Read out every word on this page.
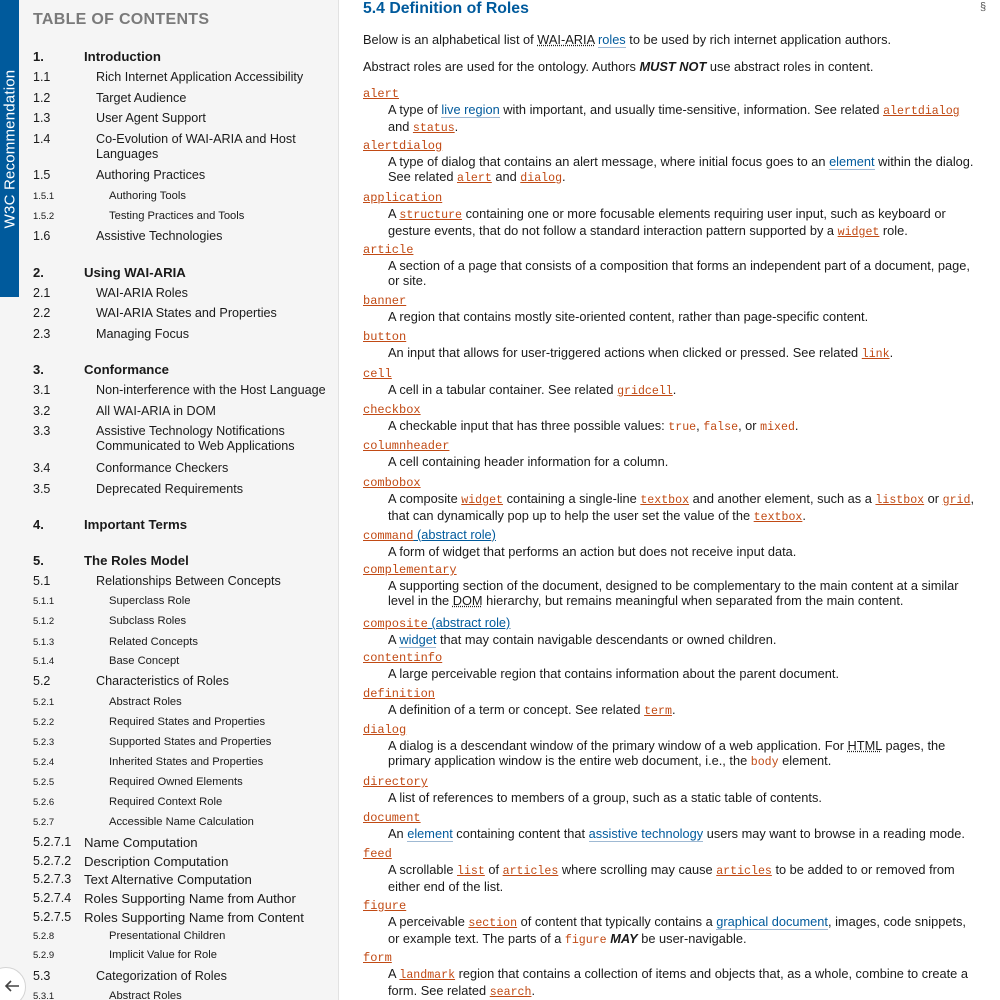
W3C Recommendation
TABLE OF CONTENTS
1.	Introduction
1.1	Rich Internet Application Accessibility
1.2	Target Audience
1.3	User Agent Support
1.4	Co-Evolution of WAI-ARIA and Host Languages
1.5	Authoring Practices
1.5.1	Authoring Tools
1.5.2	Testing Practices and Tools
1.6	Assistive Technologies
2.	Using WAI-ARIA
2.1	WAI-ARIA Roles
2.2	WAI-ARIA States and Properties
2.3	Managing Focus
3.	Conformance
3.1	Non-interference with the Host Language
3.2	All WAI-ARIA in DOM
3.3	Assistive Technology Notifications Communicated to Web Applications
3.4	Conformance Checkers
3.5	Deprecated Requirements
4.	Important Terms
5.	The Roles Model
5.1	Relationships Between Concepts
5.1.1	Superclass Role
5.1.2	Subclass Roles
5.1.3	Related Concepts
5.1.4	Base Concept
5.2	Characteristics of Roles
5.2.1	Abstract Roles
5.2.2	Required States and Properties
5.2.3	Supported States and Properties
5.2.4	Inherited States and Properties
5.2.5	Required Owned Elements
5.2.6	Required Context Role
5.2.7	Accessible Name Calculation
5.2.7.1 Name Computation
5.2.7.2 Description Computation
5.2.7.3 Text Alternative Computation
5.2.7.4 Roles Supporting Name from Author
5.2.7.5 Roles Supporting Name from Content
5.2.8	Presentational Children
5.2.9	Implicit Value for Role
5.3	Categorization of Roles
5.3.1	Abstract Roles
§
5.4 Definition of Roles

Below is an alphabetical list of WAI-ARIA roles to be used by rich internet application authors.

Abstract roles are used for the ontology. Authors MUST NOT use abstract roles in content.

alert
A type of live region with important, and usually time-sensitive, information. See related alertdialog
and status.
alertdialog
A type of dialog that contains an alert message, where initial focus goes to an element within the dialog.
See related alert and dialog.
application
A structure containing one or more focusable elements requiring user input, such as keyboard or
gesture events, that do not follow a standard interaction pattern supported by a widget role.
article
A section of a page that consists of a composition that forms an independent part of a document, page,
or site.
banner
A region that contains mostly site-oriented content, rather than page-specific content.
button
An input that allows for user-triggered actions when clicked or pressed. See related link.
cell
A cell in a tabular container. See related gridcell.
checkbox
A checkable input that has three possible values: true, false, or mixed.
columnheader
A cell containing header information for a column.
combobox
A composite widget containing a single-line textbox and another element, such as a listbox or grid,
that can dynamically pop up to help the user set the value of the textbox.
command (abstract role)
A form of widget that performs an action but does not receive input data.
complementary
A supporting section of the document, designed to be complementary to the main content at a similar
level in the DOM hierarchy, but remains meaningful when separated from the main content.
composite (abstract role)
A widget that may contain navigable descendants or owned children.
contentinfo
A large perceivable region that contains information about the parent document.
definition
A definition of a term or concept. See related term.
dialog
A dialog is a descendant window of the primary window of a web application. For HTML pages, the
primary application window is the entire web document, i.e., the body element.
directory
A list of references to members of a group, such as a static table of contents.
document
An element containing content that assistive technology users may want to browse in a reading mode.
feed
A scrollable list of articles where scrolling may cause articles to be added to or removed from
either end of the list.
figure
A perceivable section of content that typically contains a graphical document, images, code snippets,
or example text. The parts of a figure MAY be user-navigable.
form
A landmark region that contains a collection of items and objects that, as a whole, combine to create a
form. See related search.
